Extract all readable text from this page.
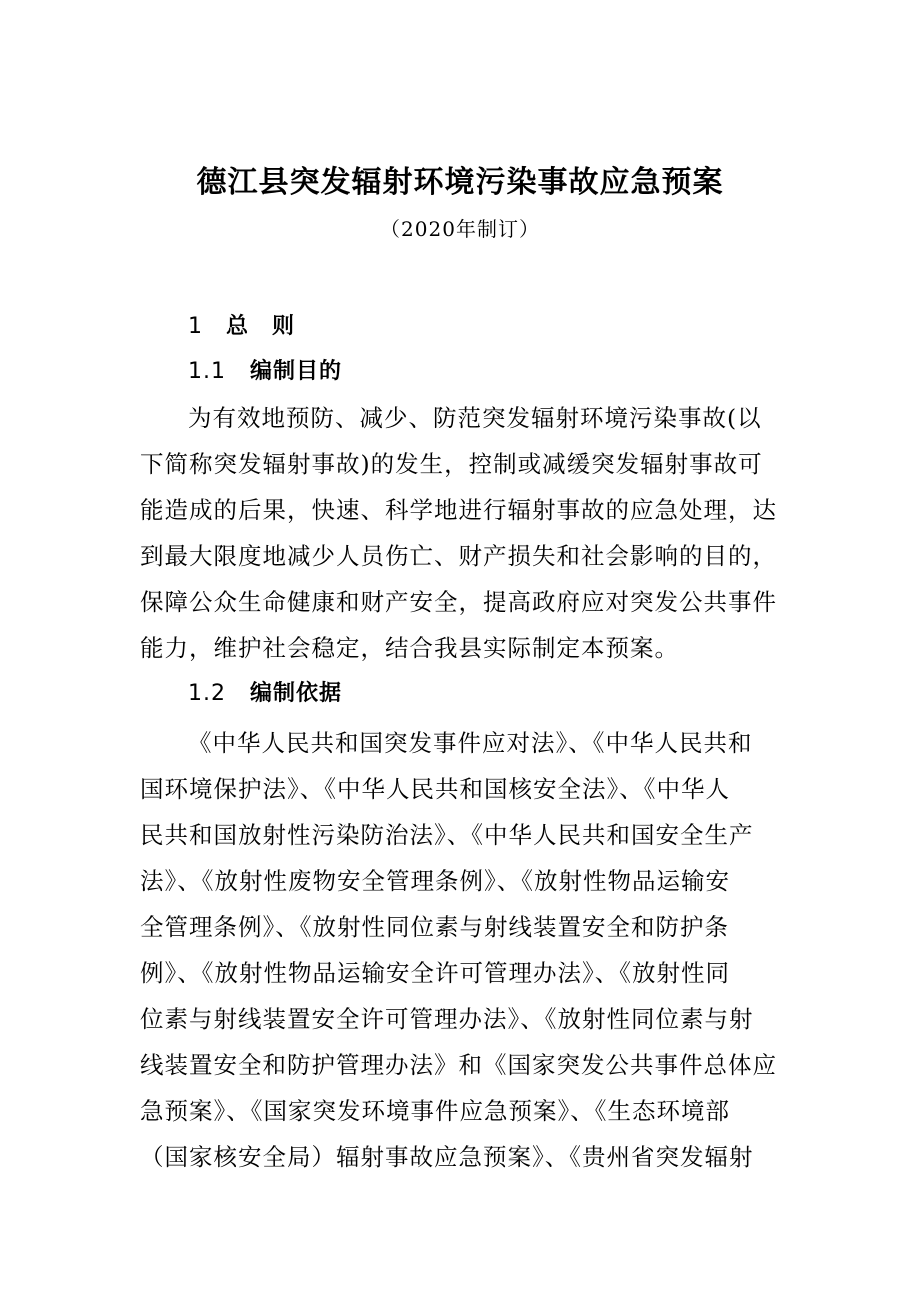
德江县突发辐射环境污染事故应急预案
（2020年制订）
1 总　则
1.1 编制目的
为有效地预防、减少、防范突发辐射环境污染事故(以
下简称突发辐射事故)的发生，控制或减缓突发辐射事故可
能造成的后果，快速、科学地进行辐射事故的应急处理，达
到最大限度地减少人员伤亡、财产损失和社会影响的目的，
保障公众生命健康和财产安全，提高政府应对突发公共事件
能力，维护社会稳定，结合我县实际制定本预案。
1.2 编制依据
《中华人民共和国突发事件应对法》、《中华人民共和
国环境保护法》、《中华人民共和国核安全法》、《中华人
民共和国放射性污染防治法》、《中华人民共和国安全生产
法》、《放射性废物安全管理条例》、《放射性物品运输安
全管理条例》、《放射性同位素与射线装置安全和防护条
例》、《放射性物品运输安全许可管理办法》、《放射性同
位素与射线装置安全许可管理办法》、《放射性同位素与射
线装置安全和防护管理办法》和《国家突发公共事件总体应
急预案》、《国家突发环境事件应急预案》、《生态环境部
（国家核安全局）辐射事故应急预案》、《贵州省突发辐射
